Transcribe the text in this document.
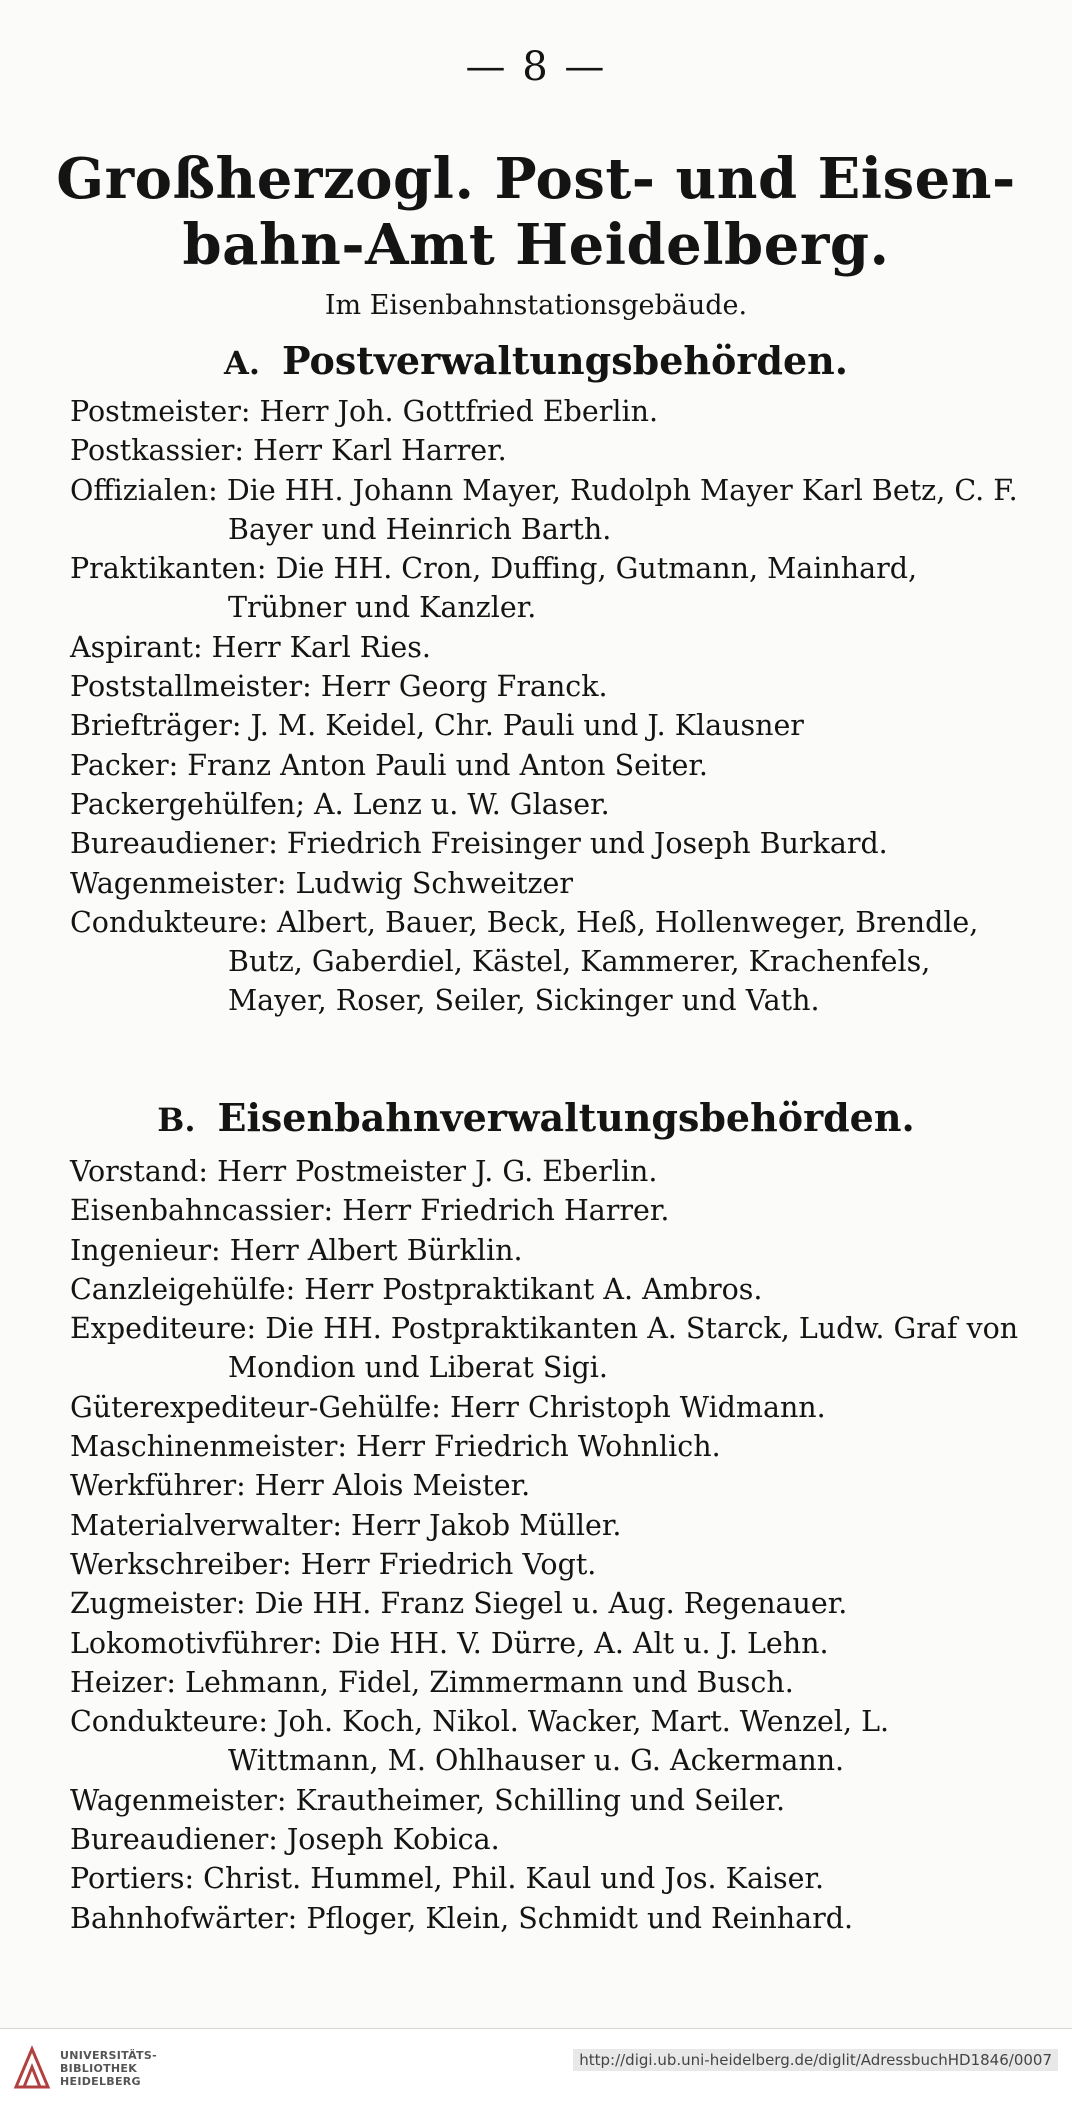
— 8 —
Großherzogl. Post- und Eisen-
bahn-Amt Heidelberg.
Im Eisenbahnstationsgebäude.
A. Postverwaltungsbehörden.
Postmeister: Herr Joh. Gottfried Eberlin.
Postkassier: Herr Karl Harrer.
Offizialen: Die HH. Johann Mayer, Rudolph Mayer Karl Betz, C. F. Bayer und Heinrich Barth.
Praktikanten: Die HH. Cron, Duffing, Gutmann, Mainhard, Trübner und Kanzler.
Aspirant: Herr Karl Ries.
Poststallmeister: Herr Georg Franck.
Briefträger: J. M. Keidel, Chr. Pauli und J. Klausner
Packer: Franz Anton Pauli und Anton Seiter.
Packergehülfen; A. Lenz u. W. Glaser.
Bureaudiener: Friedrich Freisinger und Joseph Burkard.
Wagenmeister: Ludwig Schweitzer
Condukteure: Albert, Bauer, Beck, Heß, Hollenweger, Brendle, Butz, Gaberdiel, Kästel, Kammerer, Krachenfels, Mayer, Roser, Seiler, Sickinger und Vath.
B. Eisenbahnverwaltungsbehörden.
Vorstand: Herr Postmeister J. G. Eberlin.
Eisenbahncassier: Herr Friedrich Harrer.
Ingenieur: Herr Albert Bürklin.
Canzleigehülfe: Herr Postpraktikant A. Ambros.
Expediteure: Die HH. Postpraktikanten A. Starck, Ludw. Graf von Mondion und Liberat Sigi.
Güterexpediteur-Gehülfe: Herr Christoph Widmann.
Maschinenmeister: Herr Friedrich Wohnlich.
Werkführer: Herr Alois Meister.
Materialverwalter: Herr Jakob Müller.
Werkschreiber: Herr Friedrich Vogt.
Zugmeister: Die HH. Franz Siegel u. Aug. Regenauer.
Lokomotivführer: Die HH. V. Dürre, A. Alt u. J. Lehn.
Heizer: Lehmann, Fidel, Zimmermann und Busch.
Condukteure: Joh. Koch, Nikol. Wacker, Mart. Wenzel, L. Wittmann, M. Ohlhauser u. G. Ackermann.
Wagenmeister: Krautheimer, Schilling und Seiler.
Bureaudiener: Joseph Kobica.
Portiers: Christ. Hummel, Phil. Kaul und Jos. Kaiser.
Bahnhofwärter: Pfloger, Klein, Schmidt und Reinhard.
UNIVERSITÄTS-
BIBLIOTHEK
HEIDELBERG
http://digi.ub.uni-heidelberg.de/diglit/AdressbuchHD1846/0007
